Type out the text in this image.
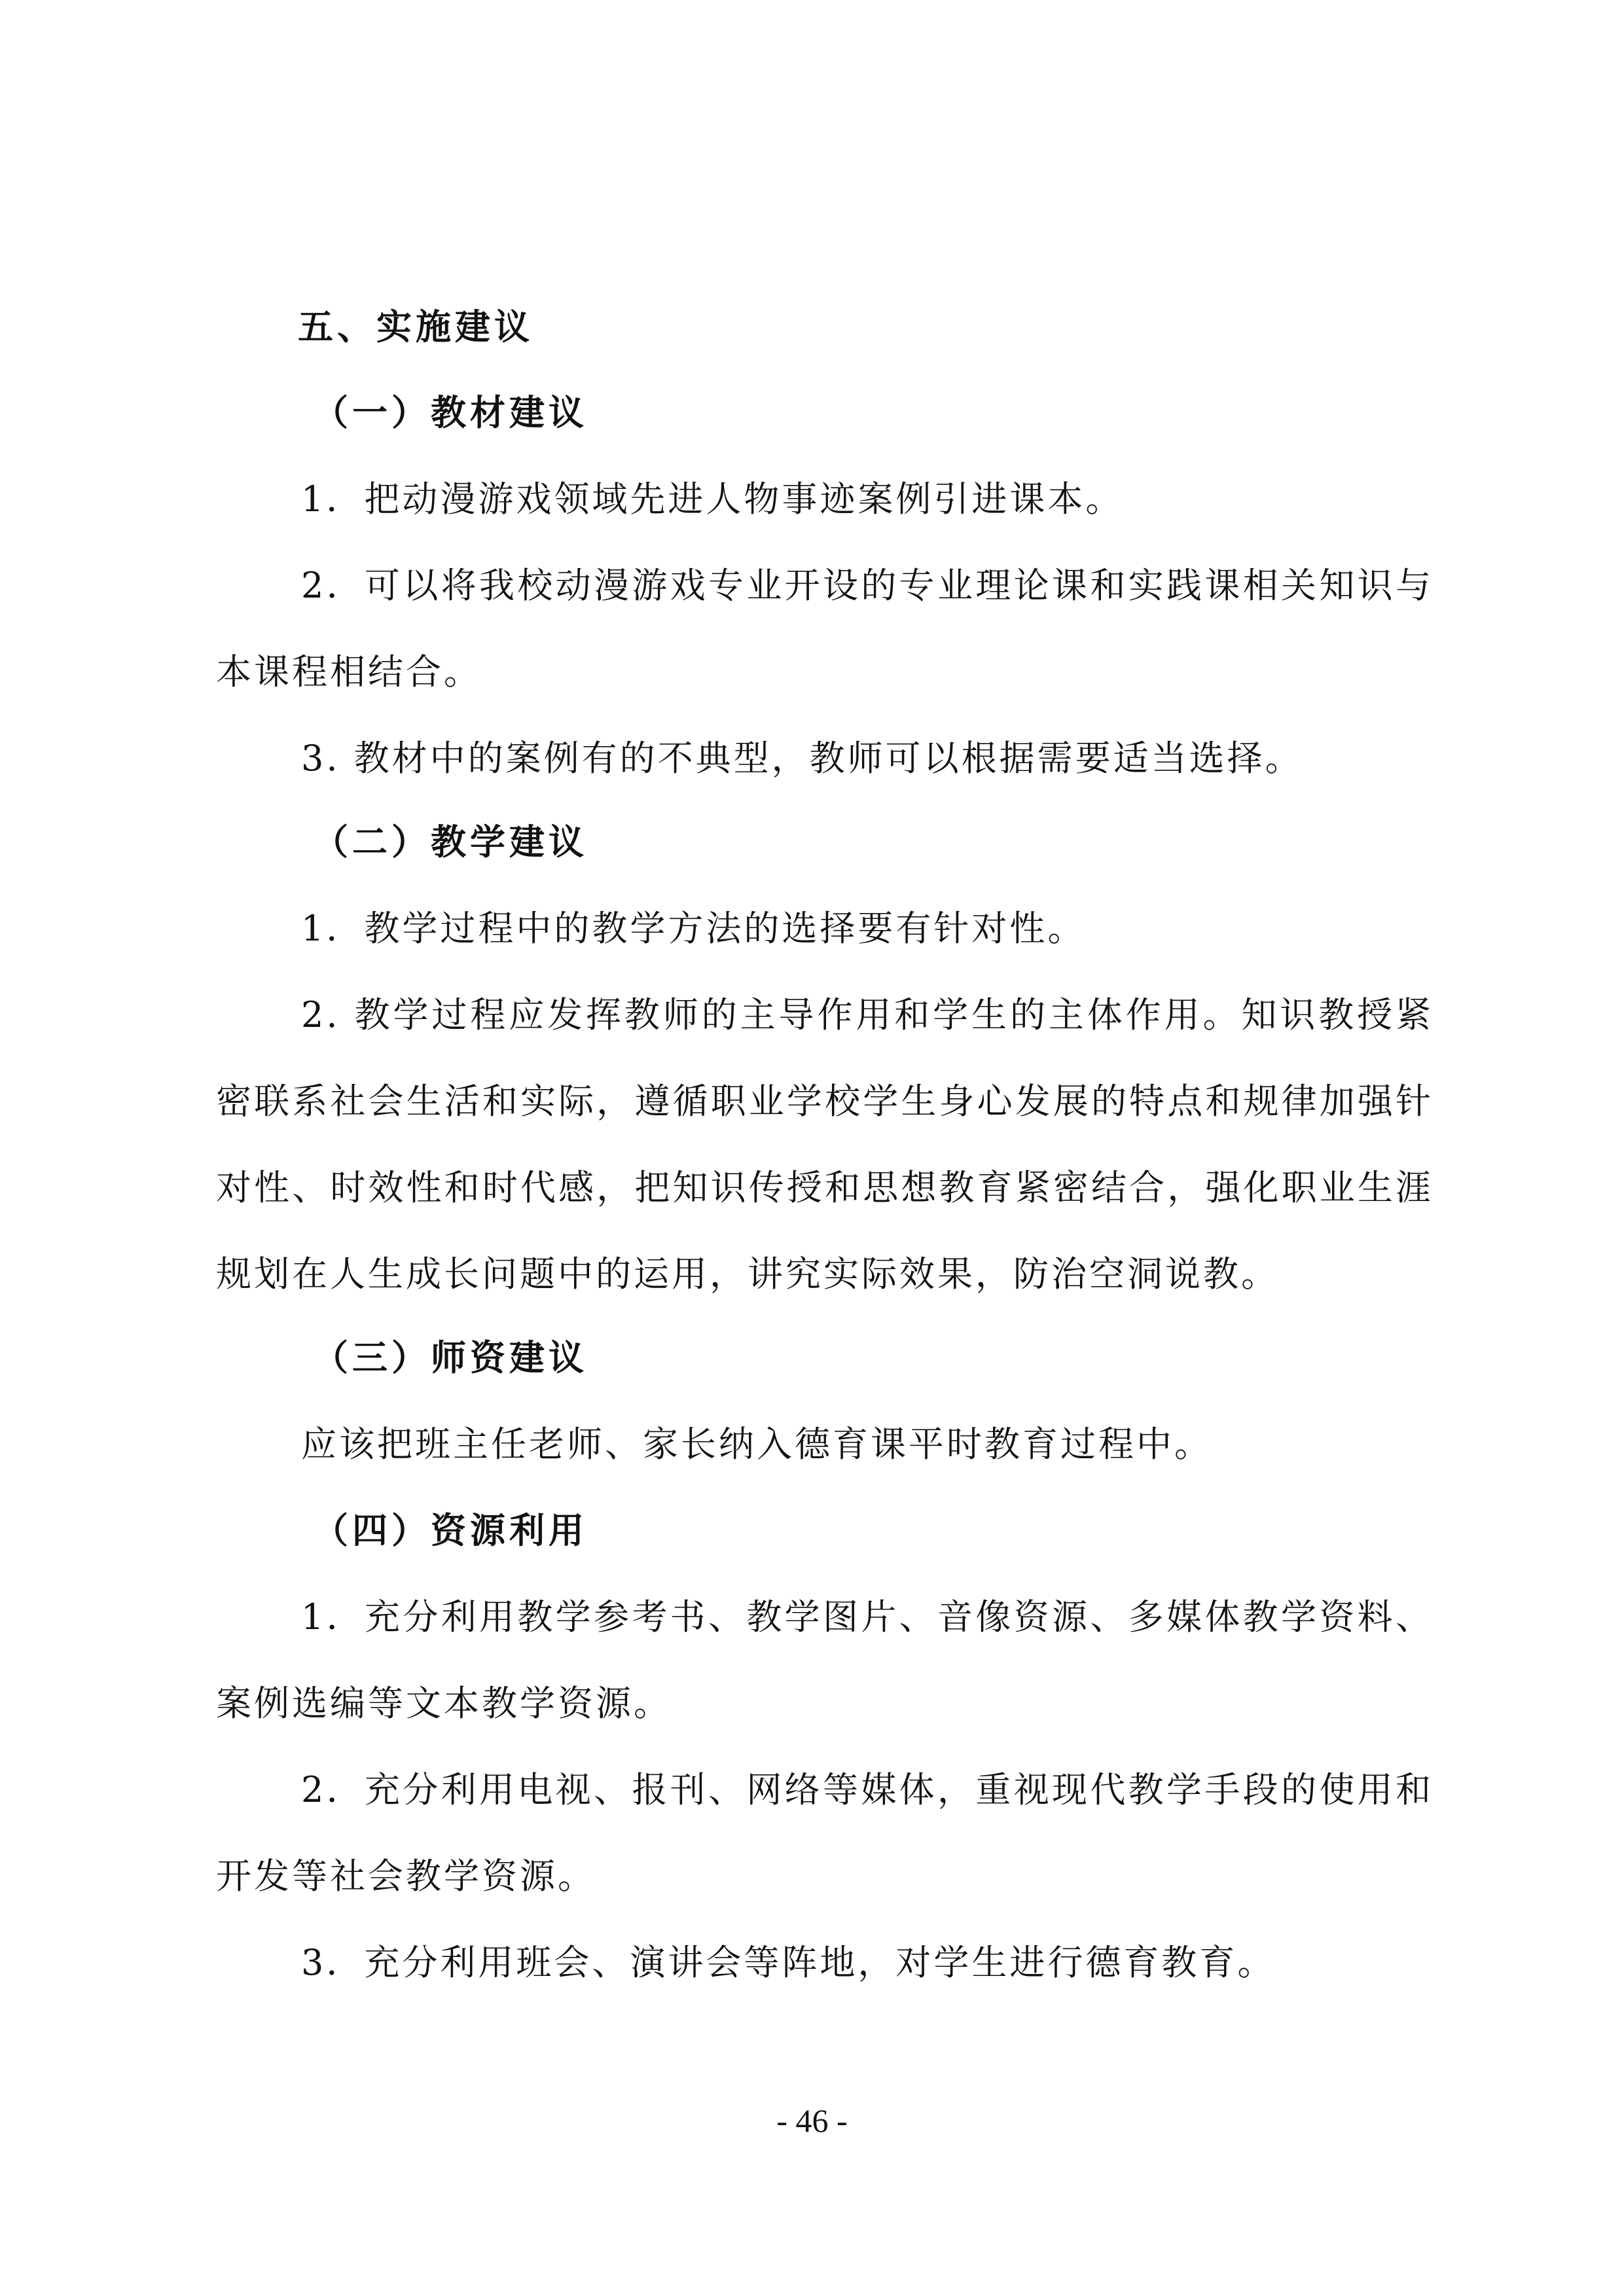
五、实施建议
（一）教材建议
1．把动漫游戏领域先进人物事迹案例引进课本。
2．可以将我校动漫游戏专业开设的专业理论课和实践课相关知识与
本课程相结合。
3. 教材中的案例有的不典型，教师可以根据需要适当选择。
（二）教学建议
1．教学过程中的教学方法的选择要有针对性。
2. 教学过程应发挥教师的主导作用和学生的主体作用。知识教授紧
密联系社会生活和实际，遵循职业学校学生身心发展的特点和规律加强针
对性、时效性和时代感，把知识传授和思想教育紧密结合，强化职业生涯
规划在人生成长问题中的运用，讲究实际效果，防治空洞说教。
（三）师资建议
应该把班主任老师、家长纳入德育课平时教育过程中。
（四）资源利用
1．充分利用教学参考书、教学图片、音像资源、多媒体教学资料、
案例选编等文本教学资源。
2．充分利用电视、报刊、网络等媒体，重视现代教学手段的使用和
开发等社会教学资源。
3．充分利用班会、演讲会等阵地，对学生进行德育教育。
- 46 -
